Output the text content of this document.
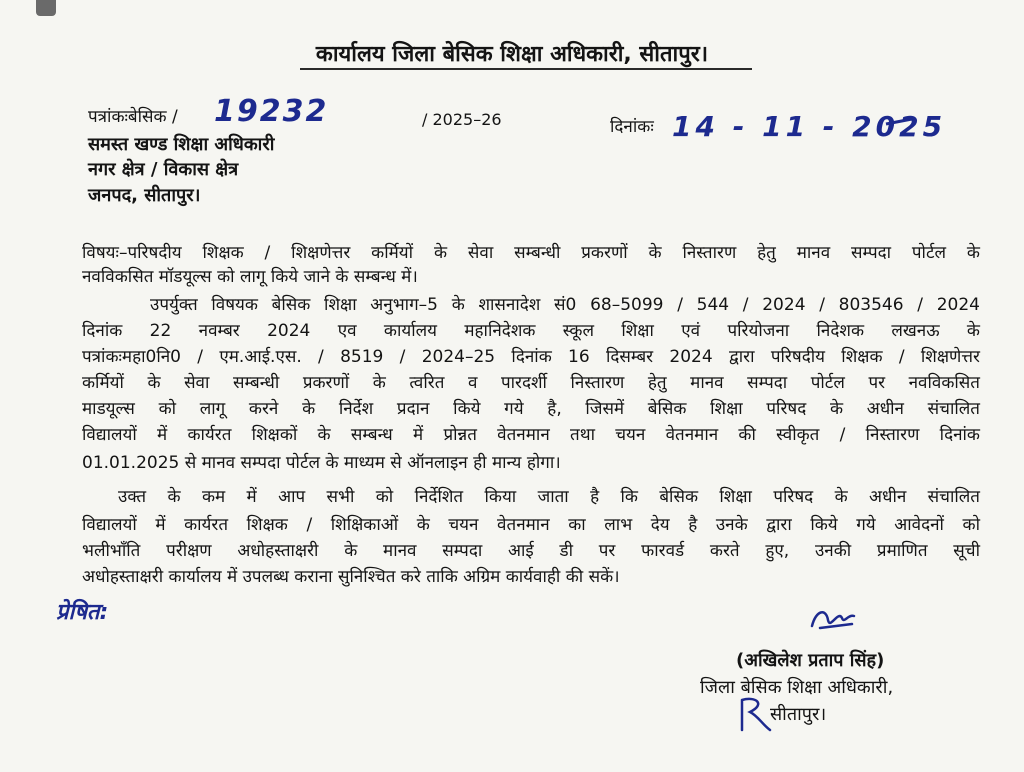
कार्यालय जिला बेसिक शिक्षा अधिकारी, सीतापुर।
पत्रांकःबेसिक / 19232	/ 2025–26	दिनांकः 14 - 11 - 2025
समस्त खण्ड शिक्षा अधिकारी
नगर क्षेत्र / विकास क्षेत्र
जनपद, सीतापुर।
विषयः–परिषदीय शिक्षक / शिक्षणेत्तर कर्मियों के सेवा सम्बन्धी प्रकरणों के निस्तारण हेतु मानव सम्पदा पोर्टल के
नवविकसित मॉडयूल्स को लागू किये जाने के सम्बन्ध में।
उपर्युक्त विषयक बेसिक शिक्षा अनुभाग–5 के शासनादेश सं0 68–5099 / 544 / 2024 / 803546 / 2024
दिनांक 22 नवम्बर 2024 एव कार्यालय महानिदेशक स्कूल शिक्षा एवं परियोजना निदेशक लखनऊ के
पत्रांकःमहा0नि0 / एम.आई.एस. / 8519 / 2024–25 दिनांक 16 दिसम्बर 2024 द्वारा परिषदीय शिक्षक / शिक्षणेत्तर
कर्मियों के सेवा सम्बन्धी प्रकरणों के त्वरित व पारदर्शी निस्तारण हेतु मानव सम्पदा पोर्टल पर नवविकसित
माडयूल्स को लागू करने के निर्देश प्रदान किये गये है, जिसमें बेसिक शिक्षा परिषद के अधीन संचालित
विद्यालयों में कार्यरत शिक्षकों के सम्बन्ध में प्रोन्नत वेतनमान तथा चयन वेतनमान की स्वीकृत / निस्तारण दिनांक
01.01.2025 से मानव सम्पदा पोर्टल के माध्यम से ऑनलाइन ही मान्य होगा।
उक्त के कम में आप सभी को निर्देशित किया जाता है कि बेसिक शिक्षा परिषद के अधीन संचालित
विद्यालयों में कार्यरत शिक्षक / शिक्षिकाओं के चयन वेतनमान का लाभ देय है उनके द्वारा किये गये आवेदनों को
भलीभाँति परीक्षण अधोहस्ताक्षरी के मानव सम्पदा आई डी पर फारवर्ड करते हुए, उनकी प्रमाणित सूची
अधोहस्ताक्षरी कार्यालय में उपलब्ध कराना सुनिश्चित करे ताकि अग्रिम कार्यवाही की सकें।
प्रेषित:
(अखिलेश प्रताप सिंह)
जिला बेसिक शिक्षा अधिकारी,
सीतापुर।
